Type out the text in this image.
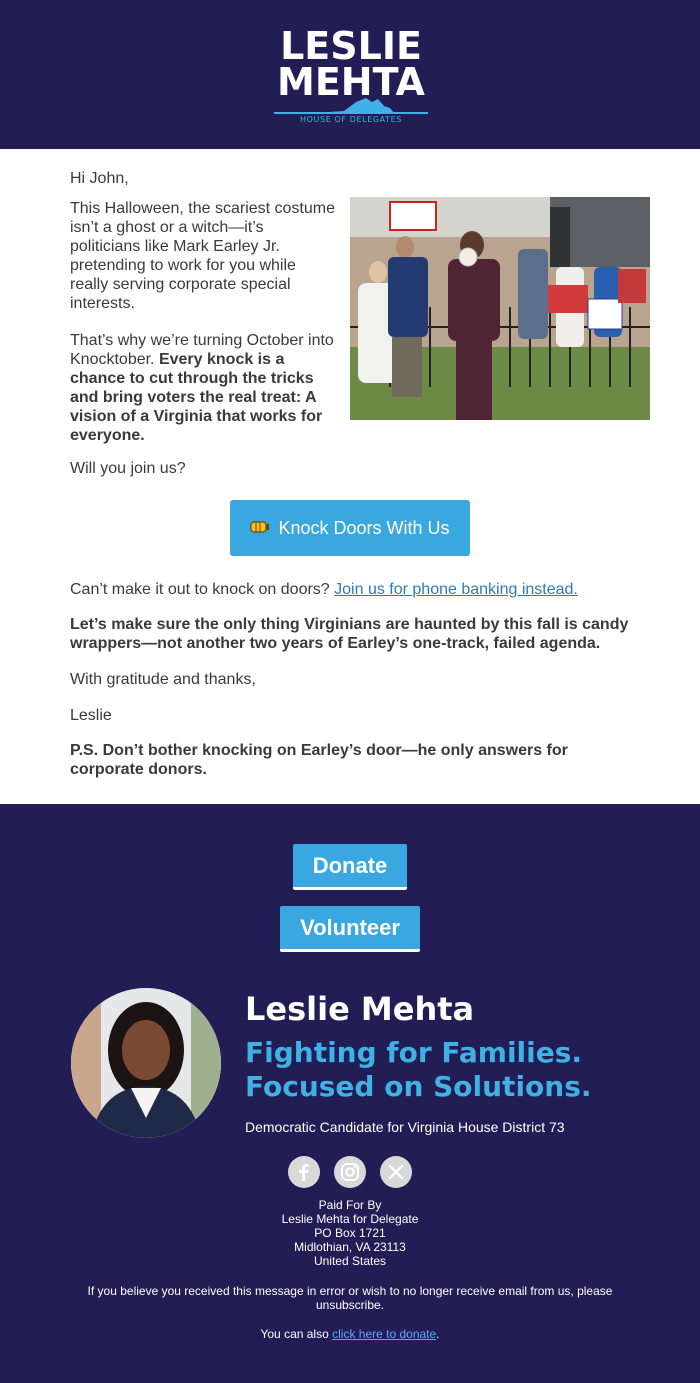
LESLIE
MEHTA
HOUSE OF DELEGATES
Hi John,

This Halloween, the scariest costume isn’t a ghost or a witch—it’s politicians like Mark Earley Jr. pretending to work for you while really serving corporate special interests.

That’s why we’re turning October into Knocktober. Every knock is a chance to cut through the tricks and bring voters the real treat: A vision of a Virginia that works for everyone.

Will you join us?
Knock Doors With Us

Can’t make it out to knock on doors? Join us for phone banking instead.

Let’s make sure the only thing Virginians are haunted by this fall is candy wrappers—not another two years of Earley’s one-track, failed agenda.

With gratitude and thanks,

Leslie

P.S. Don’t bother knocking on Earley’s door—he only answers for corporate donors.

Donate
Volunteer
Leslie Mehta
Fighting for Families.
Focused on Solutions.
Democratic Candidate for Virginia House District 73
Paid For By
Leslie Mehta for Delegate
PO Box 1721
Midlothian, VA 23113
United States
If you believe you received this message in error or wish to no longer receive email from us, please unsubscribe.
You can also click here to donate.
